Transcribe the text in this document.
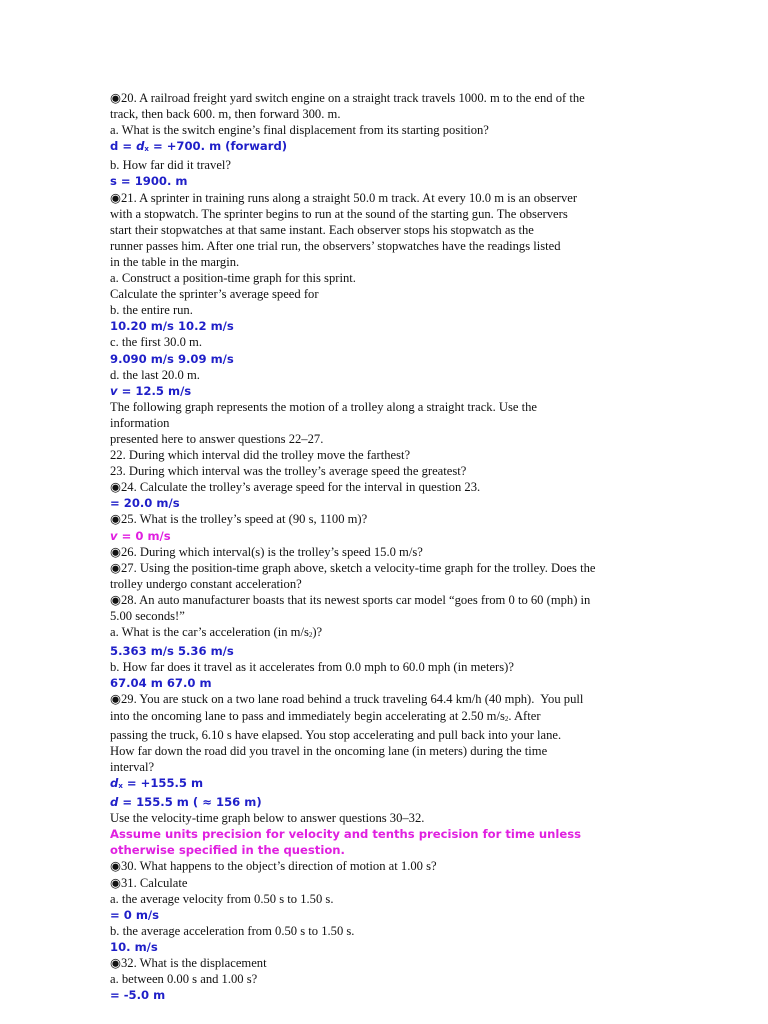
◉20. A railroad freight yard switch engine on a straight track travels 1000. m to the end of the
track, then back 600. m, then forward 300. m.
a. What is the switch engine’s final displacement from its starting position?
d = dx = +700. m (forward)
b. How far did it travel?
s = 1900. m
◉21. A sprinter in training runs along a straight 50.0 m track. At every 10.0 m is an observer
with a stopwatch. The sprinter begins to run at the sound of the starting gun. The observers
start their stopwatches at that same instant. Each observer stops his stopwatch as the
runner passes him. After one trial run, the observers’ stopwatches have the readings listed
in the table in the margin.
a. Construct a position-time graph for this sprint.
Calculate the sprinter’s average speed for
b. the entire run.
10.20 m/s 10.2 m/s
c. the first 30.0 m.
9.090 m/s 9.09 m/s
d. the last 20.0 m.
v = 12.5 m/s
The following graph represents the motion of a trolley along a straight track. Use the
information
presented here to answer questions 22–27.
22. During which interval did the trolley move the farthest?
23. During which interval was the trolley’s average speed the greatest?
◉24. Calculate the trolley’s average speed for the interval in question 23.
= 20.0 m/s
◉25. What is the trolley’s speed at (90 s, 1100 m)?
v = 0 m/s
◉26. During which interval(s) is the trolley’s speed 15.0 m/s?
◉27. Using the position-time graph above, sketch a velocity-time graph for the trolley. Does the
trolley undergo constant acceleration?
◉28. An auto manufacturer boasts that its newest sports car model “goes from 0 to 60 (mph) in
5.00 seconds!”
a. What is the car’s acceleration (in m/s2)?
5.363 m/s 5.36 m/s
b. How far does it travel as it accelerates from 0.0 mph to 60.0 mph (in meters)?
67.04 m 67.0 m
◉29. You are stuck on a two lane road behind a truck traveling 64.4 km/h (40 mph).  You pull
into the oncoming lane to pass and immediately begin accelerating at 2.50 m/s2. After
passing the truck, 6.10 s have elapsed. You stop accelerating and pull back into your lane.
How far down the road did you travel in the oncoming lane (in meters) during the time
interval?
dx = +155.5 m
d = 155.5 m ( ≈ 156 m)
Use the velocity-time graph below to answer questions 30–32.
Assume units precision for velocity and tenths precision for time unless
otherwise specified in the question.
◉30. What happens to the object’s direction of motion at 1.00 s?
◉31. Calculate
a. the average velocity from 0.50 s to 1.50 s.
= 0 m/s
b. the average acceleration from 0.50 s to 1.50 s.
10. m/s
◉32. What is the displacement
a. between 0.00 s and 1.00 s?
= -5.0 m
